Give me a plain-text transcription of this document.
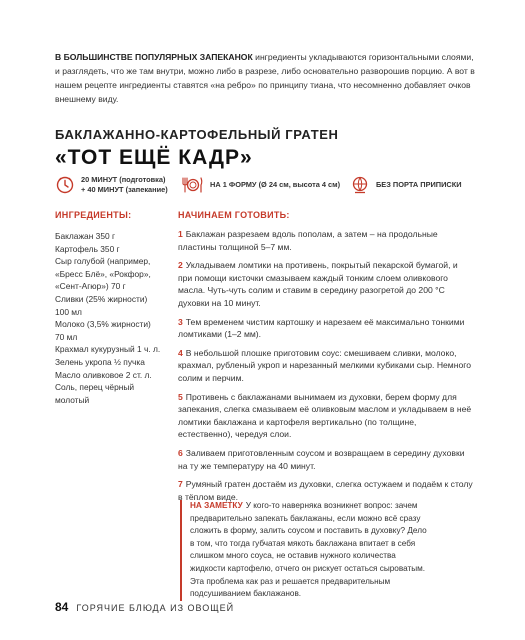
В БОЛЬШИНСТВЕ ПОПУЛЯРНЫХ ЗАПЕКАНОК ингредиенты укладываются горизонтальными слоями, и разглядеть, что же там внутри, можно либо в разрезе, либо основательно разворошив порцию. А вот в нашем рецепте ингредиенты ставятся «на ребро» по принципу тиана, что несомненно добавляет очков внешнему виду.
БАКЛАЖАННО-КАРТОФЕЛЬНЫЙ ГРАТЕН
«ТОТ ЕЩЁ КАДР»
20 МИНУТ (подготовка)
+ 40 МИНУТ (запекание)
НА 1 ФОРМУ (Ø 24 см, высота 4 см)	БЕЗ ПОРТА ПРИПИСКИ
ИНГРЕДИЕНТЫ:
Баклажан 350 г
Картофель 350 г
Сыр голубой (например,
«Бресс Блё», «Рокфор»,
«Сент-Агюр») 70 г
Сливки (25% жирности)
100 мл
Молоко (3,5% жирности)
70 мл
Крахмал кукурузный 1 ч. л.
Зелень укропа ½ пучка
Масло оливковое 2 ст. л.
Соль, перец чёрный
молотый
НАЧИНАЕМ ГОТОВИТЬ:
1 Баклажан разрезаем вдоль пополам, а затем – на продольные пластины толщиной 5–7 мм.
2 Укладываем ломтики на противень, покрытый пекарской бумагой, и при помощи кисточки смазываем каждый тонким слоем оливкового масла. Чуть-чуть солим и ставим в середину разогретой до 200 °С духовки на 10 минут.
3 Тем временем чистим картошку и нарезаем её максимально тонкими ломтиками (1–2 мм).
4 В небольшой плошке приготовим соус: смешиваем сливки, молоко, крахмал, рубленый укроп и нарезанный мелкими кубиками сыр. Немного солим и перчим.
5 Противень с баклажанами вынимаем из духовки, берем форму для запекания, слегка смазываем её оливковым маслом и укладываем в неё ломтики баклажана и картофеля вертикально (по толщине, естественно), чередуя слои.
6 Заливаем приготовленным соусом и возвращаем в середину духовки на ту же температуру на 40 минут.
7 Румяный гратен достаём из духовки, слегка остужаем и подаём к столу в тёплом виде.
НА ЗАМЕТКУ У кого-то наверняка возникнет вопрос: зачем предварительно запекать баклажаны, если можно всё сразу сложить в форму, залить соусом и поставить в духовку? Дело в том, что тогда губчатая мякоть баклажана впитает в себя слишком много соуса, не оставив нужного количества жидкости картофелю, отчего он рискует остаться сыроватым. Эта проблема как раз и решается предварительным подсушиванием баклажанов.
84 ГОРЯЧИЕ БЛЮДА ИЗ ОВОЩЕЙ
